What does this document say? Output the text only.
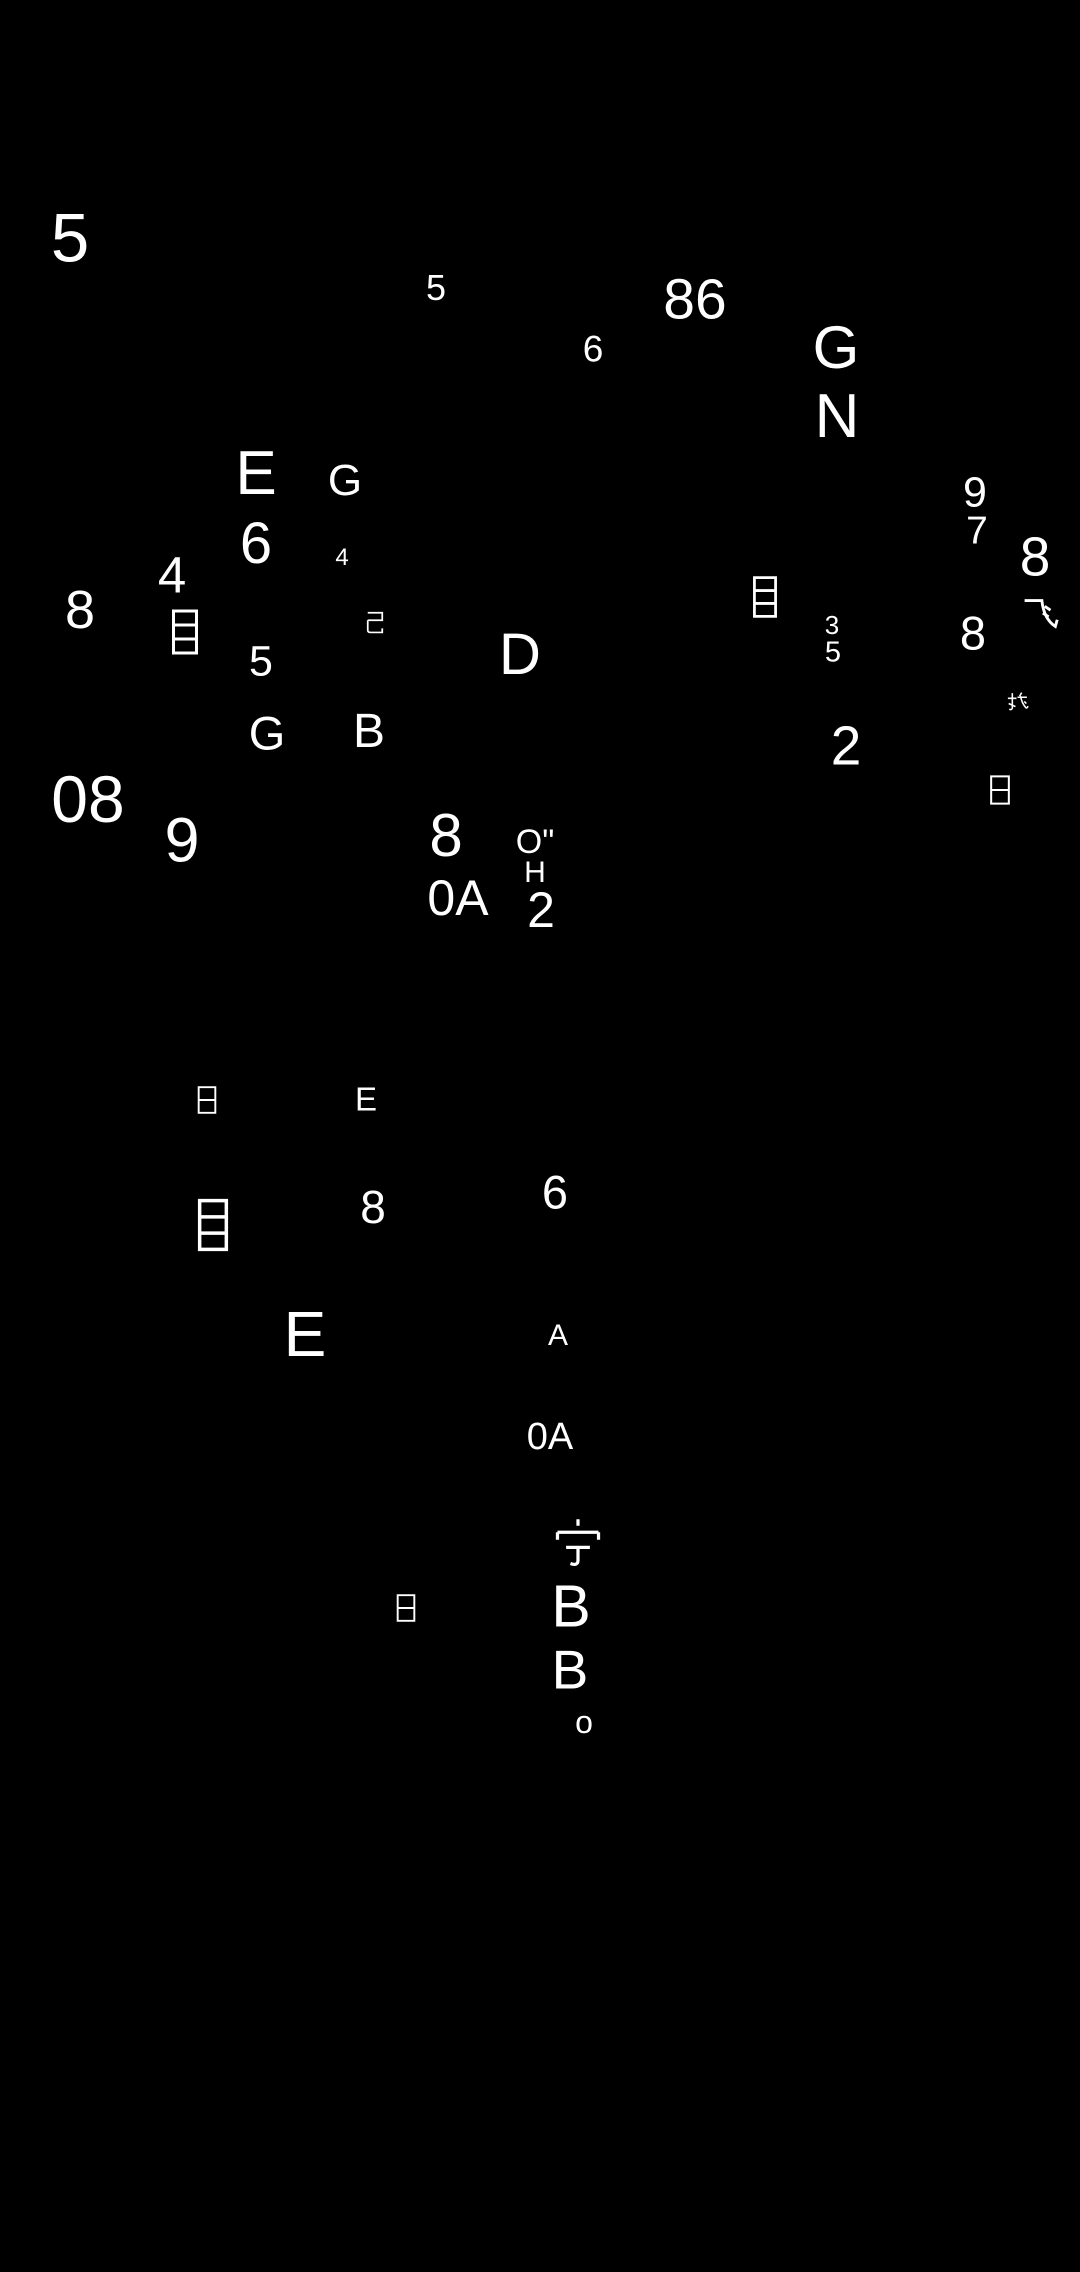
5
5
6
86
G
N
E G
6	4
9
7 8
4
8	3
5	8
5	D
G B	2
08
9	8 O"
H
0A 2
E
8	6
E	A
0A
B
B
o
